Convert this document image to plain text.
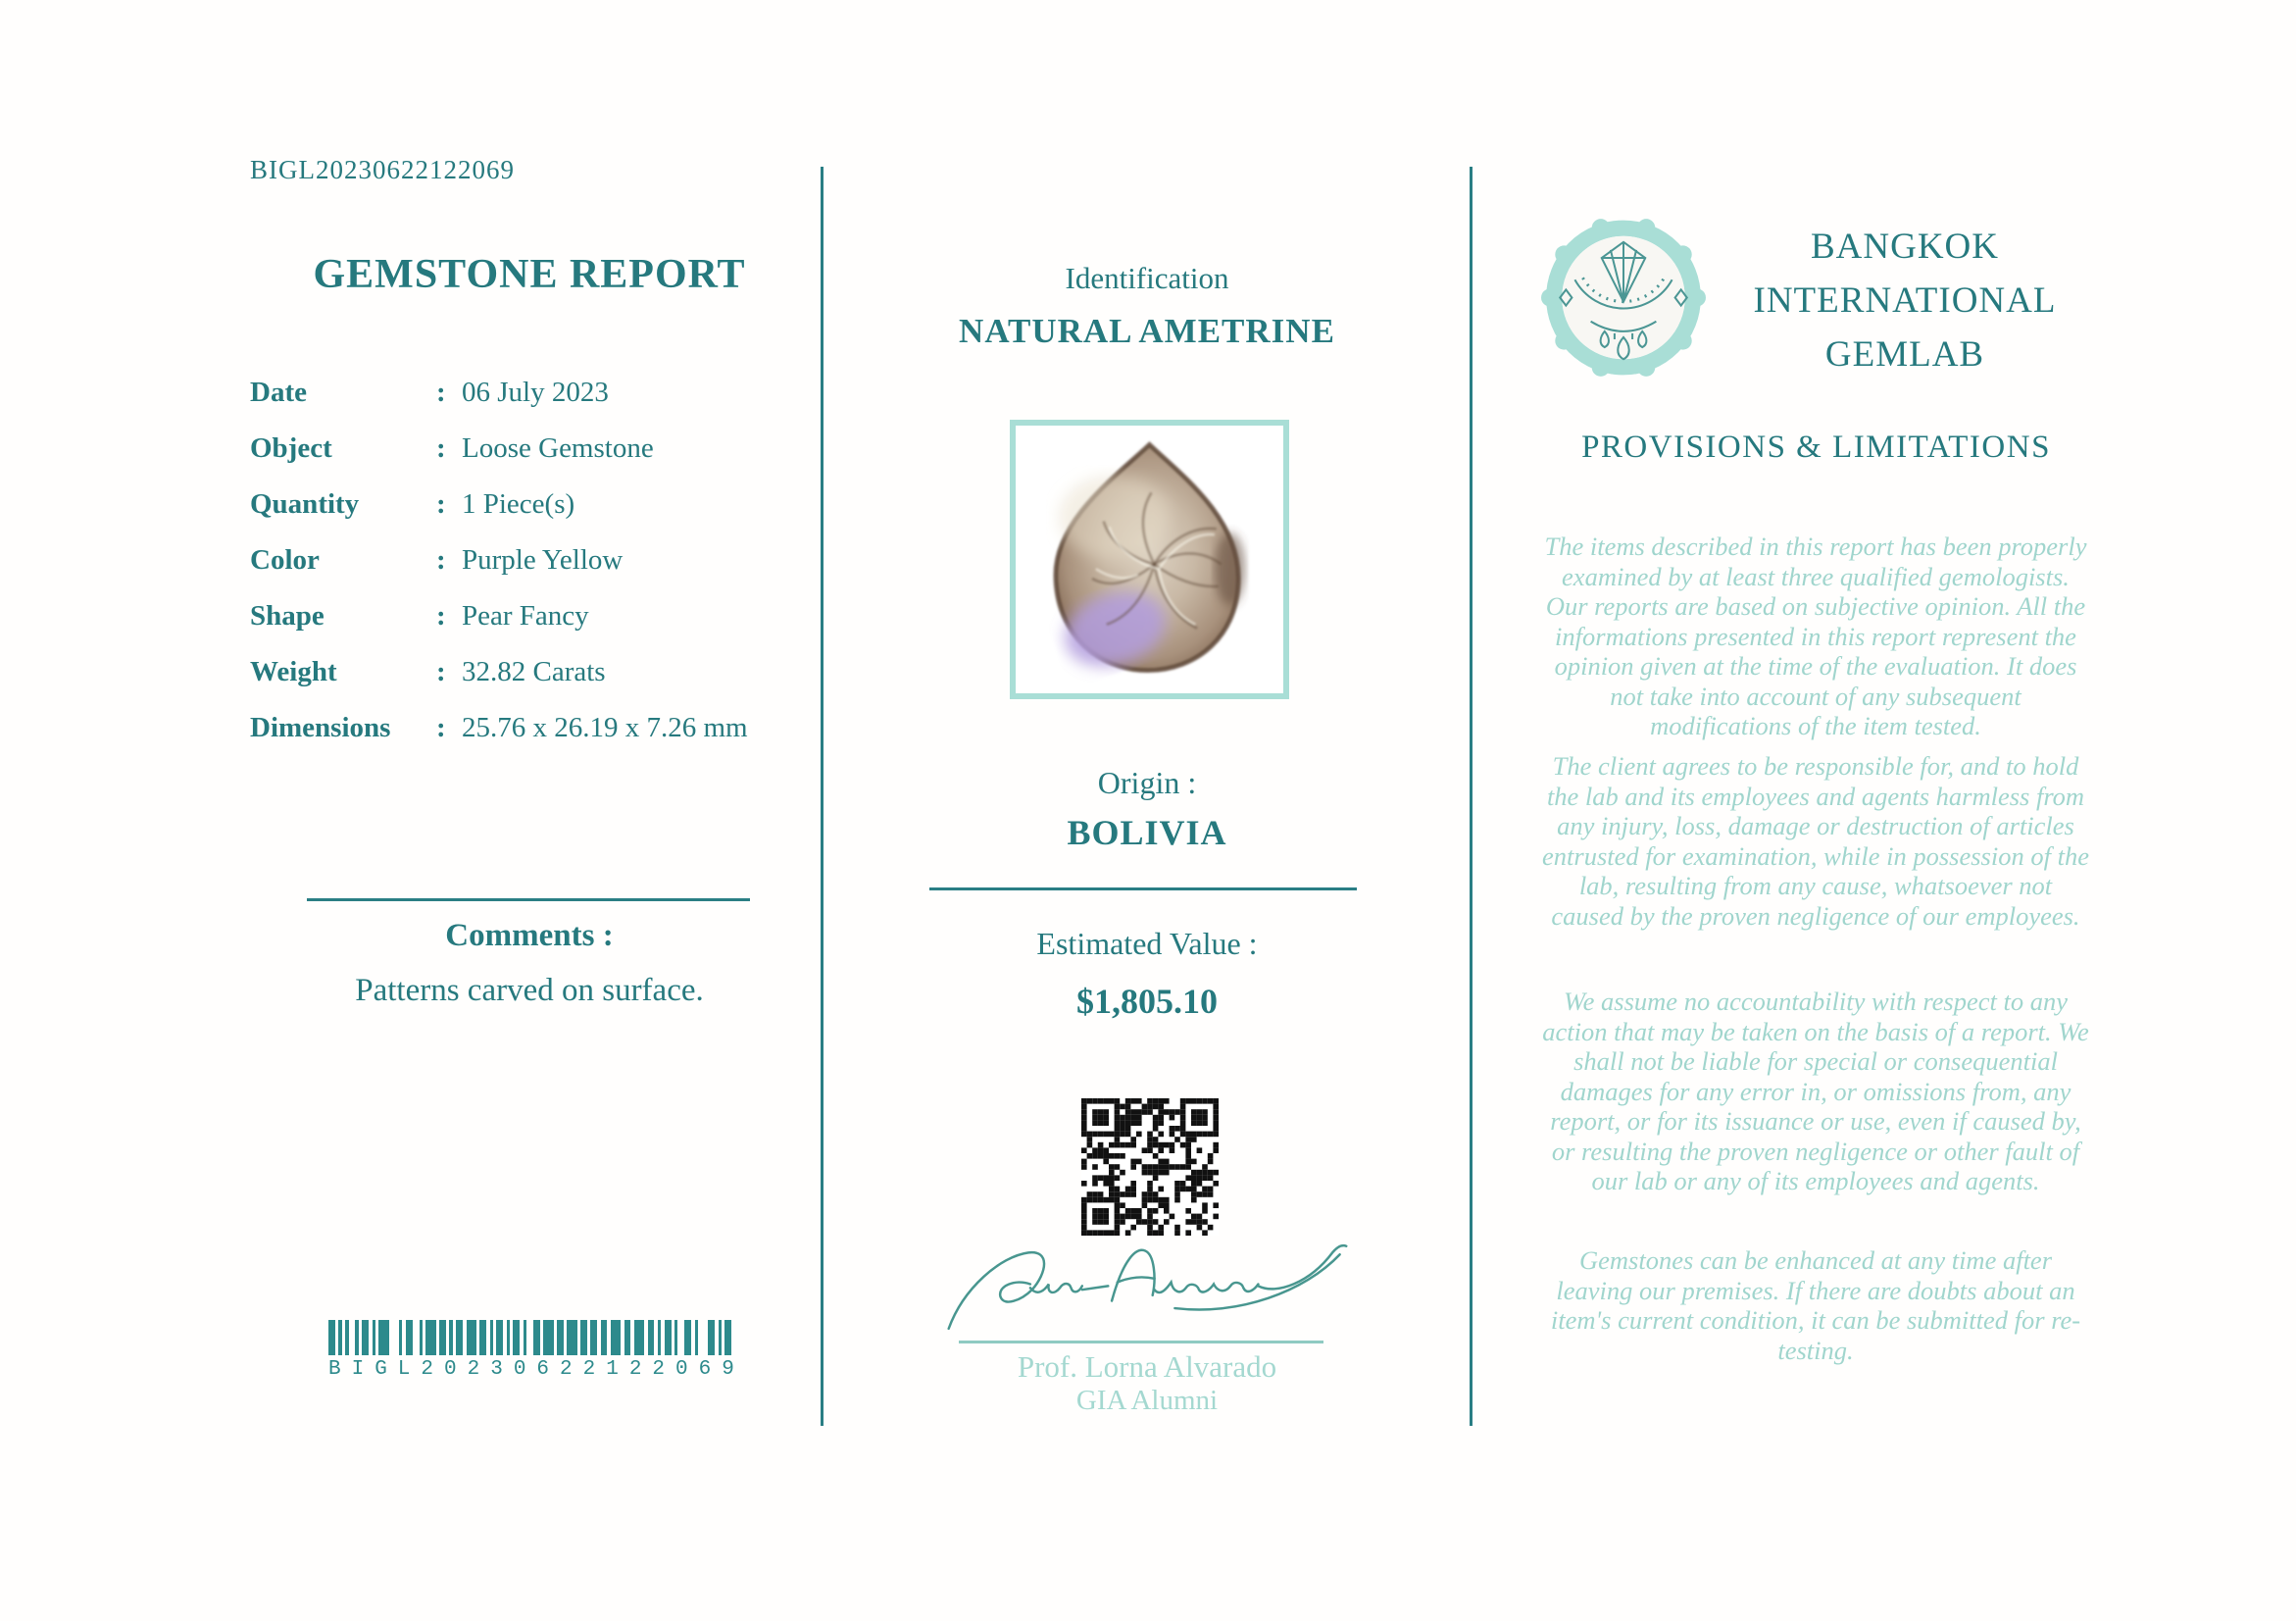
BIGL20230622122069
GEMSTONE REPORT
Date	: 06 July 2023
Object	: Loose Gemstone
Quantity	: 1 Piece(s)
Color	: Purple Yellow
Shape	: Pear Fancy
Weight	: 32.82 Carats
Dimensions	: 25.76 x 26.19 x 7.26 mm
Comments :
Patterns carved on surface.
BIGL20230622122069
Identification
NATURAL AMETRINE
Origin :
BOLIVIA
Estimated Value :
$1,805.10
Prof. Lorna Alvarado
GIA Alumni
BANGKOK INTERNATIONAL GEMLAB
PROVISIONS & LIMITATIONS
The items described in this report has been properly examined by at least three qualified gemologists. Our reports are based on subjective opinion. All the informations presented in this report represent the opinion given at the time of the evaluation. It does not take into account of any subsequent modifications of the item tested.
The client agrees to be responsible for, and to hold the lab and its employees and agents harmless from any injury, loss, damage or destruction of articles entrusted for examination, while in possession of the lab, resulting from any cause, whatsoever not caused by the proven negligence of our employees.
We assume no accountability with respect to any action that may be taken on the basis of a report. We shall not be liable for special or consequential damages for any error in, or omissions from, any report, or for its issuance or use, even if caused by, or resulting the proven negligence or other fault of our lab or any of its employees and agents.
Gemstones can be enhanced at any time after leaving our premises. If there are doubts about an item's current condition, it can be submitted for re-testing.
